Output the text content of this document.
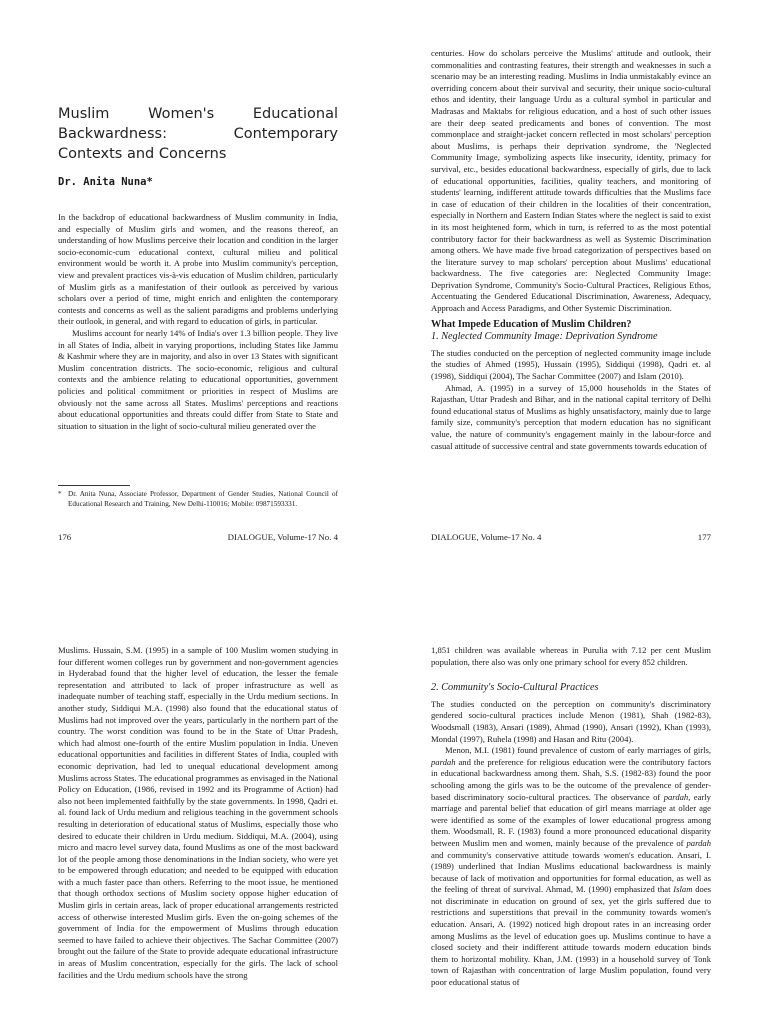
Muslim Women's Educational Backwardness: Contemporary Contexts and Concerns
Dr. Anita Nuna*

In the backdrop of educational backwardness of Muslim community in India, and especially of Muslim girls and women, and the reasons thereof, an understanding of how Muslims perceive their location and condition in the larger socio-economic-cum educational context, cultural milieu and political environment would be worth it. A probe into Muslim community's perception, view and prevalent practices vis-à-vis education of Muslim children, particularly of Muslim girls as a manifestation of their outlook as perceived by various scholars over a period of time, might enrich and enlighten the contemporary contests and concerns as well as the salient paradigms and problems underlying their outlook, in general, and with regard to education of girls, in particular.

Muslims account for nearly 14% of India's over 1.3 billion people. They live in all States of India, albeit in varying proportions, including States like Jammu & Kashmir where they are in majority, and also in over 13 States with significant Muslim concentration districts. The socio-economic, religious and cultural contexts and the ambience relating to educational opportunities, government policies and political commitment or priorities in respect of Muslims are obviously not the same across all States. Muslims' perceptions and reactions about educational opportunities and threats could differ from State to State and situation to situation in the light of socio-cultural milieu generated over the

* Dr. Anita Nuna, Associate Professor, Department of Gender Studies, National Council of Educational Research and Training, New Delhi-110016; Mobile: 09871593331.
176	DIALOGUE, Volume-17 No. 4

centuries. How do scholars perceive the Muslims' attitude and outlook, their commonalities and contrasting features, their strength and weaknesses in such a scenario may be an interesting reading. Muslims in India unmistakably evince an overriding concern about their survival and security, their unique socio-cultural ethos and identity, their language Urdu as a cultural symbol in particular and Madrasas and Maktabs for religious education, and a host of such other issues are their deep seated predicaments and bones of convention. The most commonplace and straight-jacket concern reflected in most scholars' perception about Muslims, is perhaps their deprivation syndrome, the 'Neglected Community Image, symbolizing aspects like insecurity, identity, primacy for survival, etc., besides educational backwardness, especially of girls, due to lack of educational opportunities, facilities, quality teachers, and monitoring of students' learning, indifferent attitude towards difficulties that the Muslims face in case of education of their children in the localities of their concentration, especially in Northern and Eastern Indian States where the neglect is said to exist in its most heightened form, which in turn, is referred to as the most potential contributory factor for their backwardness as well as Systemic Discrimination among others. We have made five broad categorization of perspectives based on the literature survey to map scholars' perception about Muslims' educational backwardness. The five categories are: Neglected Community Image: Deprivation Syndrome, Community's Socio-Cultural Practices, Religious Ethos, Accentuating the Gendered Educational Discrimination, Awareness, Adequacy, Approach and Access Paradigms, and Other Systemic Discrimination.

What Impede Education of Muslim Children?
1. Neglected Community Image: Deprivation Syndrome

The studies conducted on the perception of neglected community image include the studies of Ahmed (1995), Hussain (1995), Siddiqui (1998), Qadri et. al (1998), Siddiqui (2004), The Sachar Committee (2007) and Islam (2010).

Ahmad, A. (1995) in a survey of 15,000 households in the States of Rajasthan, Uttar Pradesh and Bihar, and in the national capital territory of Delhi found educational status of Muslims as highly unsatisfactory, mainly due to large family size, community's perception that modern education has no significant value, the nature of community's engagement mainly in the labour-force and casual attitude of successive central and state governments towards education of

DIALOGUE, Volume-17 No. 4	177

Muslims. Hussain, S.M. (1995) in a sample of 100 Muslim women studying in four different women colleges run by government and non-government agencies in Hyderabad found that the higher level of education, the lesser the female representation and attributed to lack of proper infrastructure as well as inadequate number of teaching staff, especially in the Urdu medium sections. In another study, Siddiqui M.A. (1998) also found that the educational status of Muslims had not improved over the years, particularly in the northern part of the country. The worst condition was found to be in the State of Uttar Pradesh, which had almost one-fourth of the entire Muslim population in India. Uneven educational opportunities and facilities in different States of India, coupled with economic deprivation, had led to unequal educational development among Muslims across States. The educational programmes as envisaged in the National Policy on Education, (1986, revised in 1992 and its Programme of Action) had also not been implemented faithfully by the state governments. In 1998, Qadri et. al. found lack of Urdu medium and religious teaching in the government schools resulting in deterioration of educational status of Muslims, especially those who desired to educate their children in Urdu medium. Siddiqui, M.A. (2004), using micro and macro level survey data, found Muslims as one of the most backward lot of the people among those denominations in the Indian society, who were yet to be empowered through education; and needed to be equipped with education with a much faster pace than others. Referring to the moot issue, he mentioned that though orthodox sections of Muslim society oppose higher education of Muslim girls in certain areas, lack of proper educational arrangements restricted access of otherwise interested Muslim girls. Even the on-going schemes of the government of India for the empowerment of Muslims through education seemed to have failed to achieve their objectives. The Sachar Committee (2007) brought out the failure of the State to provide adequate educational infrastructure in areas of Muslim concentration, especially for the girls. The lack of school facilities and the Urdu medium schools have the strong

1,851 children was available whereas in Purulia with 7.12 per cent Muslim population, there also was only one primary school for every 852 children.

2. Community's Socio-Cultural Practices

The studies conducted on the perception on community's discriminatory gendered socio-cultural practices include Menon (1981), Shah (1982-83), Woodsmall (1983), Ansari (1989), Ahmad (1990), Ansari (1992), Khan (1993), Mondal (1997), Ruhela (1998) and Hasan and Ritu (2004).

Menon, M.I. (1981) found prevalence of custom of early marriages of girls, pardah and the preference for religious education were the contributory factors in educational backwardness among them. Shah, S.S. (1982-83) found the poor schooling among the girls was to be the outcome of the prevalence of gender-based discriminatory socio-cultural practices. The observance of pardah, early marriage and parental belief that education of girl means marriage at older age were identified as some of the examples of lower educational progress among them. Woodsmall, R. F. (1983) found a more pronounced educational disparity between Muslim men and women, mainly because of the prevalence of pardah and community's conservative attitude towards women's education. Ansari, I. (1989) underlined that Indian Muslims educational backwardness is mainly because of lack of motivation and opportunities for formal education, as well as the feeling of threat of survival. Ahmad, M. (1990) emphasized that Islam does not discriminate in education on ground of sex, yet the girls suffered due to restrictions and superstitions that prevail in the community towards women's education. Ansari, A. (1992) noticed high dropout rates in an increasing order among Muslims as the level of education goes up. Muslims continue to have a closed society and their indifferent attitude towards modern education binds them to horizontal mobility. Khan, J.M. (1993) in a household survey of Tonk town of Rajasthan with concentration of large Muslim population, found very poor educational status of
